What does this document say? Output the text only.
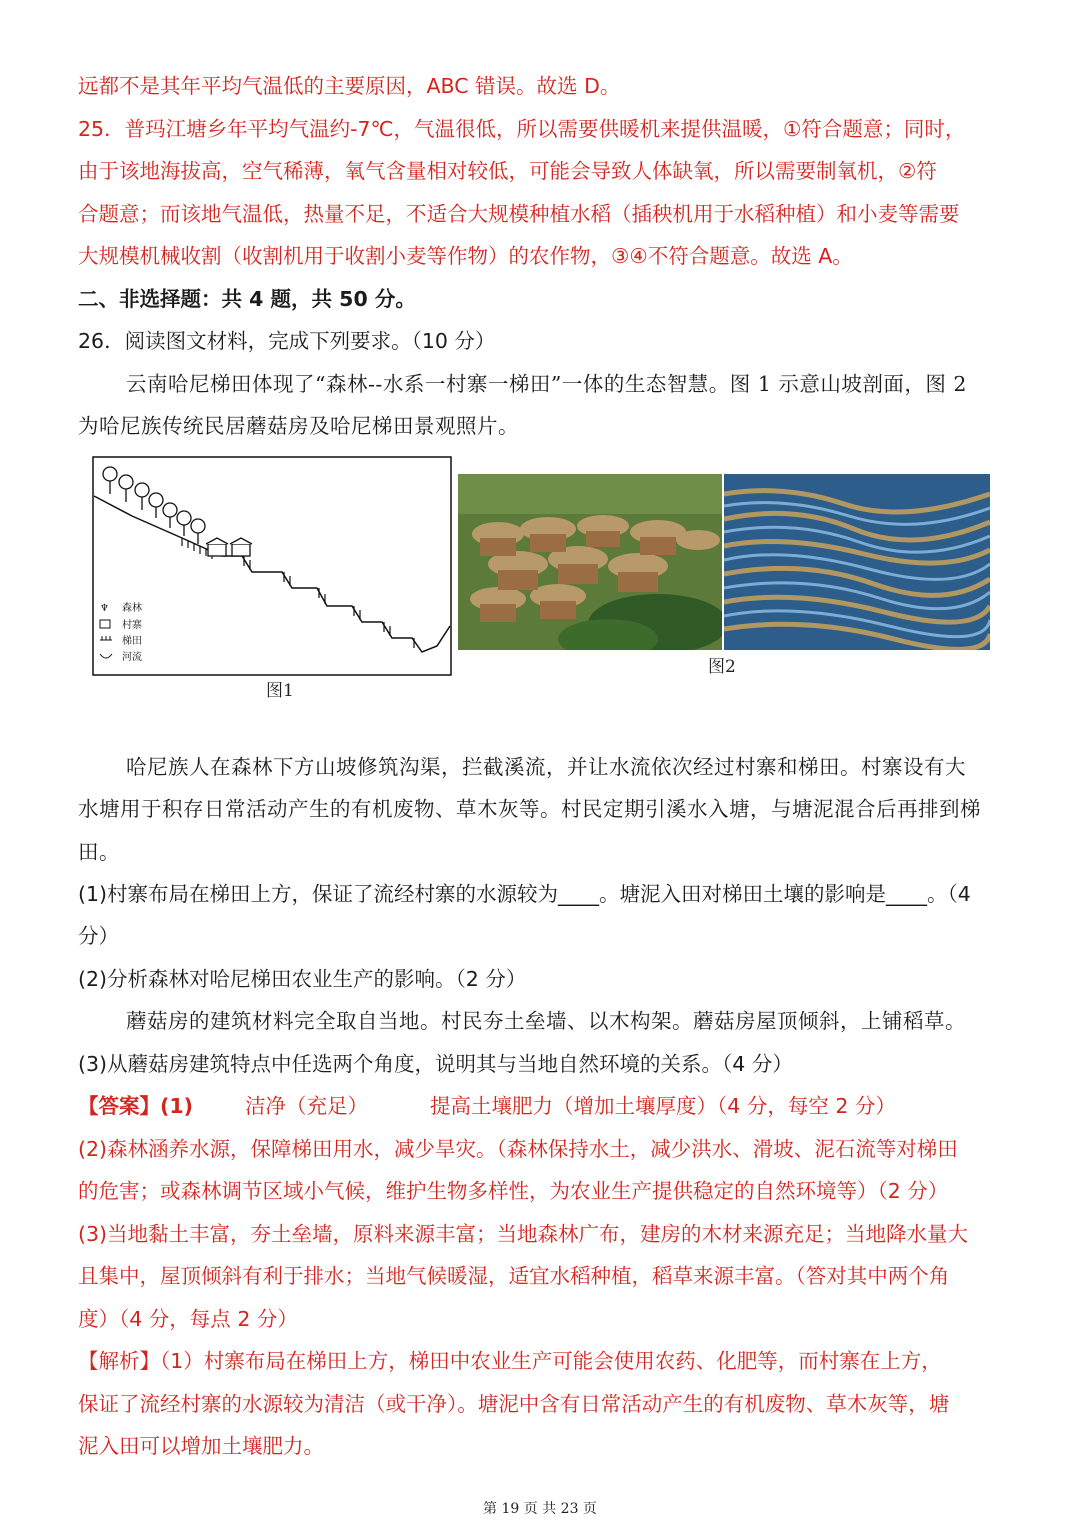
远都不是其年平均气温低的主要原因，ABC 错误。故选 D。
25．普玛江塘乡年平均气温约-7℃，气温很低，所以需要供暖机来提供温暖，①符合题意；同时，
由于该地海拔高，空气稀薄，氧气含量相对较低，可能会导致人体缺氧，所以需要制氧机，②符
合题意；而该地气温低，热量不足，不适合大规模种植水稻（插秧机用于水稻种植）和小麦等需要
大规模机械收割（收割机用于收割小麦等作物）的农作物，③④不符合题意。故选 A。
二、非选择题：共 4 题，共 50 分。
26．阅读图文材料，完成下列要求。（10 分）
云南哈尼梯田体现了“森林--水系一村寨一梯田”一体的生态智慧。图 1 示意山坡剖面，图 2
为哈尼族传统民居蘑菇房及哈尼梯田景观照片。
♆ 森林
村寨
梯田
河流
图1
图2
哈尼族人在森林下方山坡修筑沟渠，拦截溪流，并让水流依次经过村寨和梯田。村寨设有大
水塘用于积存日常活动产生的有机废物、草木灰等。村民定期引溪水入塘，与塘泥混合后再排到梯
田。
(1)村寨布局在梯田上方，保证了流经村寨的水源较为____。塘泥入田对梯田土壤的影响是____。（4
分）
(2)分析森林对哈尼梯田农业生产的影响。（2 分）
蘑菇房的建筑材料完全取自当地。村民夯土垒墙、以木构架。蘑菇房屋顶倾斜，上铺稻草。
(3)从蘑菇房建筑特点中任选两个角度，说明其与当地自然环境的关系。（4 分）
【答案】(1)	洁净（充足）	提高土壤肥力（增加土壤厚度）（4 分，每空 2 分）
(2)森林涵养水源，保障梯田用水，减少旱灾。（森林保持水土，减少洪水、滑坡、泥石流等对梯田
的危害；或森林调节区域小气候，维护生物多样性，为农业生产提供稳定的自然环境等）（2 分）
(3)当地黏土丰富，夯土垒墙，原料来源丰富；当地森林广布，建房的木材来源充足；当地降水量大
且集中，屋顶倾斜有利于排水；当地气候暖湿，适宜水稻种植，稻草来源丰富。（答对其中两个角
度）（4 分，每点 2 分）
【解析】（1）村寨布局在梯田上方，梯田中农业生产可能会使用农药、化肥等，而村寨在上方，
保证了流经村寨的水源较为清洁（或干净）。塘泥中含有日常活动产生的有机废物、草木灰等，塘
泥入田可以增加土壤肥力。
第 19 页 共 23 页
